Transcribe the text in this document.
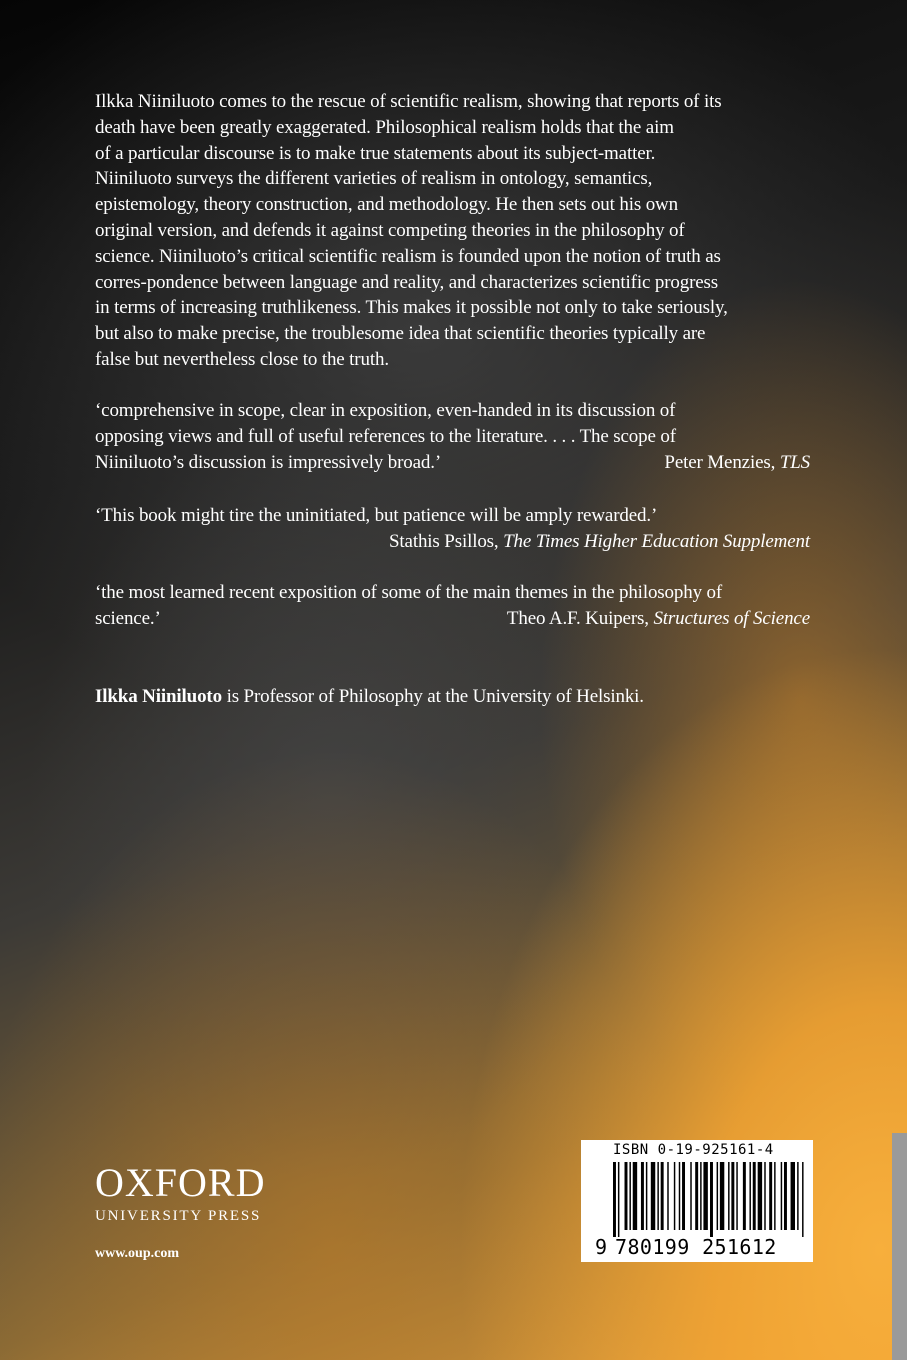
Ilkka Niiniluoto comes to the rescue of scientific realism, showing that reports of its
death have been greatly exaggerated. Philosophical realism holds that the aim
of a particular discourse is to make true statements about its subject-matter.
Niiniluoto surveys the different varieties of realism in ontology, semantics,
epistemology, theory construction, and methodology. He then sets out his own
original version, and defends it against competing theories in the philosophy of
science. Niiniluoto’s critical scientific realism is founded upon the notion of truth as
corres-pondence between language and reality, and characterizes scientific progress
in terms of increasing truthlikeness. This makes it possible not only to take seriously,
but also to make precise, the troublesome idea that scientific theories typically are
false but nevertheless close to the truth.
‘comprehensive in scope, clear in exposition, even-handed in its discussion of
opposing views and full of useful references to the literature. . . . The scope of
Niiniluoto’s discussion is impressively broad.’	Peter Menzies, TLS
‘This book might tire the uninitiated, but patience will be amply rewarded.’
Stathis Psillos, The Times Higher Education Supplement
‘the most learned recent exposition of some of the main themes in the philosophy of
science.’	Theo A.F. Kuipers, Structures of Science
Ilkka Niiniluoto is Professor of Philosophy at the University of Helsinki.
OXFORD
UNIVERSITY PRESS
www.oup.com
ISBN 0-19-925161-4
9 780199 251612
